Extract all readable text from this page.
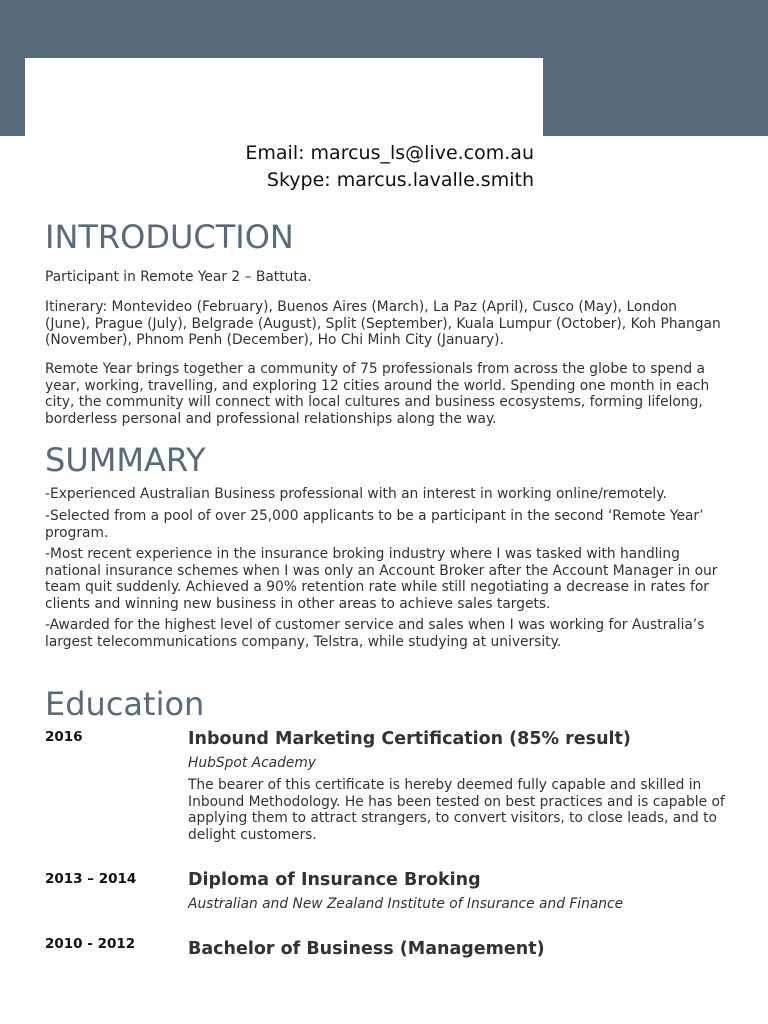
Email: marcus_ls@live.com.au
Skype: marcus.lavalle.smith
INTRODUCTION

Participant in Remote Year 2 – Battuta.

Itinerary: Montevideo (February), Buenos Aires (March), La Paz (April), Cusco (May), London (June), Prague (July), Belgrade (August), Split (September), Kuala Lumpur (October), Koh Phangan (November), Phnom Penh (December), Ho Chi Minh City (January).

Remote Year brings together a community of 75 professionals from across the globe to spend a year, working, travelling, and exploring 12 cities around the world. Spending one month in each city, the community will connect with local cultures and business ecosystems, forming lifelong, borderless personal and professional relationships along the way.

SUMMARY

-Experienced Australian Business professional with an interest in working online/remotely.

-Selected from a pool of over 25,000 applicants to be a participant in the second ‘Remote Year’ program.

-Most recent experience in the insurance broking industry where I was tasked with handling national insurance schemes when I was only an Account Broker after the Account Manager in our team quit suddenly. Achieved a 90% retention rate while still negotiating a decrease in rates for clients and winning new business in other areas to achieve sales targets.

-Awarded for the highest level of customer service and sales when I was working for Australia’s largest telecommunications company, Telstra, while studying at university.

Education
2016	Inbound Marketing Certification (85% result)
HubSpot Academy

The bearer of this certificate is hereby deemed fully capable and skilled in Inbound Methodology. He has been tested on best practices and is capable of applying them to attract strangers, to convert visitors, to close leads, and to delight customers.

2013 – 2014	Diploma of Insurance Broking
Australian and New Zealand Institute of Insurance and Finance
2010 - 2012	Bachelor of Business (Management)
